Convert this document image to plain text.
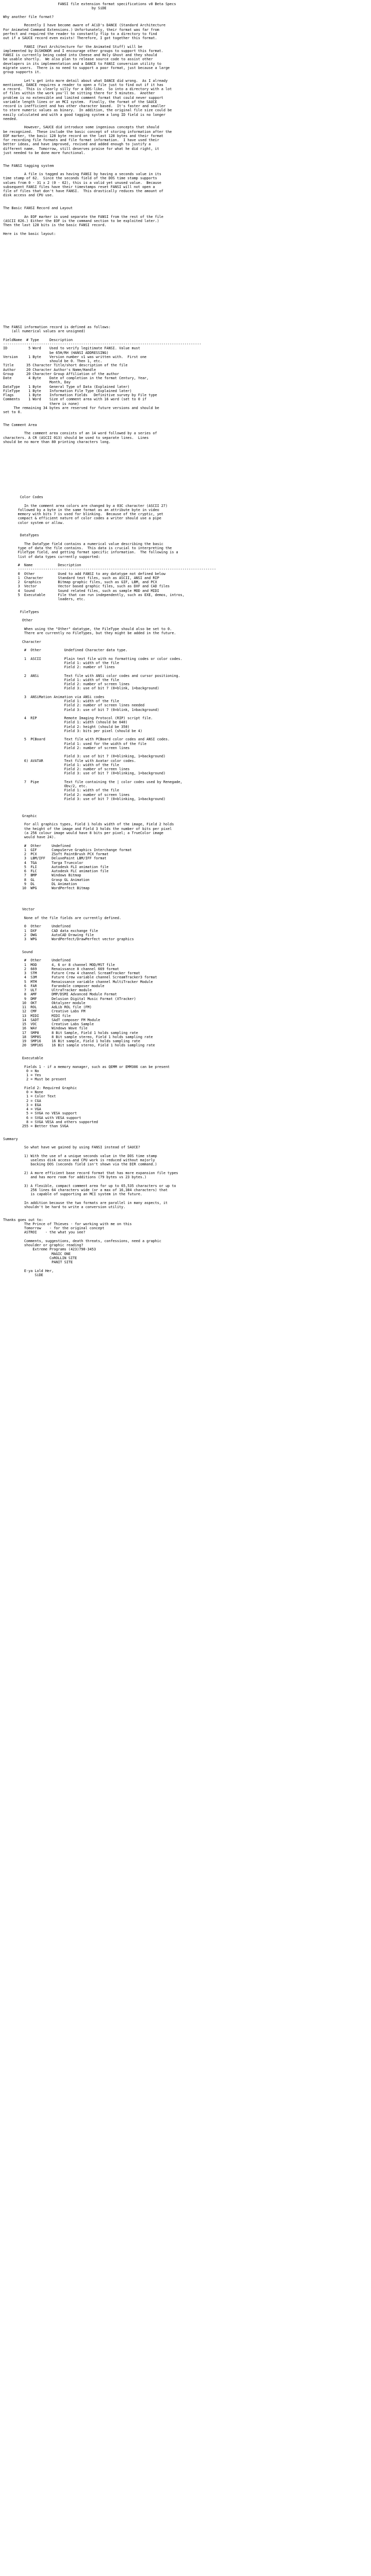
FANSI file extension format specifications v0 Beta Specs
by SiDE

Why another file format?

Recently I have become aware of ACiD's DANCE (Standard Architecture
For Animated Command Extensions.) Unfortunately, their format was far from
perfect and required the reader to constantly flip to a directory to find
out if a SAUCE record even exists! Therefore, I got together this format.

FANSI (Fast Architecture for the Animated Stuff) will be
implemented by DiSHONOR and I encourage other groups to support this format.
FANSI is currently being coded into Cheese and Holy Ghost and they should
be usable shortly.  We also plan to release source code to assist other
developers in its implementation and a DANCE to FANSI conversion utility to
migrate users.  There is no need to support a poor format, just because a large
group supports it.

Let's get into more detail about what DANCE did wrong.  As I already
mentioned, DANCE requires a reader to open a file just to find out if it has
a record.  This is clearly silly for a DOS-like.  So into a directory with a lot
of files within the work you'll be sitting there for 5 minutes.  Another
problem is no extensible and limited comment format that could never support
variable length lines or an MCI system.  Finally, the format of the SAUCE
record is inefficient and has other character based.  It's faster and smaller
to store numeric values as binary.  In addition, the original file size could be
easily calculated and with a good tagging system a long ID field is no longer
needed.

However, SAUCE did introduce some ingenious concepts that should
be recognized.  These include the basic concept of storing information after the
EOF marker, the basic 128 byte record on the last 128 bytes and their format
for recording file formats and file format information.  I have used their
better ideas, and have improved, revised and added enough to justify a
different name.  Tomorrow, still deserves praise for what he did right, it
just needed to be done more functional.

The FANSI tagging system

A file is tagged as having FANSI by having a seconds value in its
time stamp of 62.  Since the seconds field of the DOS time stamp supports
values from 0 - 31 x 2 (0 - 62), this is a valid yet unused value.  Because
subsequent FANSI files have their timestamps reset FANSI will not open a
file of files that don't have FANSI.  This drastically reduces the amount of
disk access and CPU use.

The Basic FANSI Record and Layout

An EOF marker is used separate the FANSI from the rest of the file
(ASCII 026.) Either the EOF is the command section to be exploited later.)
Then the last 128 bits is the basic FANSI record.

Here is the basic layout:

The FANSI information record is defined as follows:
(all numerical values are unsigned)

FieldName  # Type     Description
----------------------------------------------------------------------------------------------
ID          5 Word    Used to verify legitimate FANSI. Value must
be 65H/RH (HANSI ADDRESSING)
Version     1 Byte    Version number v1 was written with.  First one
should be 0. Then 1, etc.
Title      35 Character Title/short description of the file
Author     20 Character Author's Name/Handle
Group      20 Character Group Affiliation of the author
Date        4 Byte    Date of completion in the format Century, Year,
Month, Day
DataType    1 Byte    General Type of Data (Explained later)
FileType    1 Byte    Information File Type (Explained later)
Flags       1 Byte    Information Fields   Definitive survey by File type
Comments    1 Word    Size of comment area with 16 word (set to 0 if
there is none)
The remaining 34 bytes are reserved for future versions and should be
set to 0.

The Comment Area

The comment area consists of an 14 word followed by a series of
characters. A CR (ASCII 013) should be used to separate lines.  Lines
should be no more than 80 printing characters long.

Color Codes

In the comment area colors are changed by a 03C character (ASCII 27)
followed by a byte in the same format as an attribute byte in video
memory with bits 7 is used for blinking.  Because of the cryptic, yet
compact & efficient nature of color codes a writer should use a pipe
color system or allow.

DataTypes

The DataType field contains a numerical value describing the basic
type of data the file contains.  This data is crucial to interpreting the
FileType field, and getting format specific information.  The following is a
list of data types currently supported:

#  Name            Description
----------------------------------------------------------------------------------------------
0  Other           Used to add FANSI to any datatype not defined below
1  Character       Standard text files, such as ASCII, ANSI and RIP
2  Graphics        Bitmap graphic files, such as GIF, LBM, and PCX
3  Vector          Vector based graphic files, such as DXF and CAD files
4  Sound           Sound related files, such as sample MOD and MIDI
5  Executable      File that can run independently, such as EXE, demos, intros,
loaders, etc.

FileTypes

Other

When using the "Other" datatype, the FileType should also be set to 0.
There are currently no FileTypes, but they might be added in the future.

Character

#  Other           Undefined Character data type.

1  ASCII           Plain text file with no formatting codes or color codes.
Field 1: width of the file
Field 2: number of lines

2  ANSi            Text file with ANSi color codes and cursor positioning.
Field 1: width of the file
Field 2: number of screen lines
Field 3: use of bit 7 (0=blink, 1=background)

3  ANSiMation Animation via ANSi codes
Field 1: width of the file
Field 2: number of screen lines needed
Field 3: use of bit 7 (0=blink, 1=background)

4  RIP             Remote Imaging Protocol (RIP) script file.
Field 1: width (should be 640)
Field 2: height (should be 350)
Field 3: bits per pixel (should be 4)

5  PCBoard         Text file with PCBoard color codes and ANSI codes.
Field 1: used for the width of the file
Field 2: number of screen lines

Field 3: use of bit 7 (0=blinking, 1=background)
6) AVATAR          Text file with Avatar color codes.
Field 1: width of the file
Field 2: number of screen lines
Field 3: use of bit 7 (0=blinking, 1=background)

7  Pipe            Text file containing the | color codes used by Renegade,
Obv/2, etc.
Field 1: width of the file
Field 2: number of screen lines
Field 3: use of bit 7 (0=blinking, 1=background)

Graphic

For all graphics types, Field 1 holds width of the image, Field 2 holds
the height of the image and Field 3 holds the number of bits per pixel
(a 256 colour image would have 8 bits per pixel; a TrueColor image
would have 24).

#  Other     Undefined
1  GIF       CompuServe Graphics Interchange format
2  PCX       ZSoft PaintBrush PCX format
3  LBM/IFF   DeluxePaint LBM/IFF format
4  TGA       Targa Truecolor
5  FLI       Autodesk FLI animation file
6  FLC       Autodesk FLC animation file
7  BMP       Windows Bitmap
8  GL        Grasp GL Animation
9  DL        DL Animation
10  WPG       WordPerfect Bitmap

Vector

None of the file fields are currently defined.

0  Other     Undefined
1  DXF       CAD data exchange file
2  DWG       AutoCAD Drawing file
3  WPG       WordPerfect/DrawPerfect vector graphics

Sound

#  Other     Undefined
1  MOD       4, 6 or 8 channel MOD/MST file
2  669       Renaissance 8 channel 669 format
3  STM       Future Crew 4 channel ScreamTracker format
4  S3M       Future Crew variable channel ScreamTracker3 format
5  MTM       Renaissance variable channel MultiTracker Module
6  FAR       Farandole composer module
7  ULT       UltraTracker module
8  AMF       DMP/DSMI Advanced Module Format
9  DMF       Delusion Digital Music Format (XTracker)
10  OKT       Oktalyzer module
11  ROL       AdLib ROL file (FM)
12  CMF       Creative Labs FM
13  MIDI      MIDI file
14  SADT      SAdT composer FM Module
15  VOC       Creative Labs Sample
16  WAV       Windows Wave file
17  SMP8      8 Bit Sample, Field 1 holds sampling rate
18  SMP8S     8 Bit sample stereo, Field 1 holds sampling rate
19  SMP16     16 Bit sample, Field 1 holds sampling rate
20  SMP16S    16 Bit sample stereo, Field 1 holds sampling rate

Executable

Fields 1 - if a memory manager, such as QEMM or EMM386 can be present
0 = No
1 = Yes
2 = Must be present

Field 2: Required Graphic
0 = None
1 = Color Text
2 = CGA
3 = EGA
4 = VGA
5 = SVGA no VESA support
6 = SVGA with VESA support
8 = SVGA VESA and others supported
255 = Better than SVGA

Summary

So what have we gained by using FANSI instead of SAUCE?

1) With the use of a unique seconds value in the DOS time stamp
useless disk access and CPU work is reduced without majorly
backing DOS (seconds field isn't shown via the DIR command.)

2) A more efficient base record format that has more expansion file types
and has more room for additions (79 bytes vs 23 bytes.)

3) A flexible, compact comment area for up to 65,535 characters or up to
256 lines 64 characters wide (or a max of 16,384 characters) that
is capable of supporting an MCI system in the future.

In addition because the two formats are parallel in many aspects, it
shouldn't be hard to write a conversion utility.

Thanks goes out to:
The Prince of Thieves - for working with me on this
Tomorrow    - for the original concept
ASTROI    - the what you see?

Comments, suggestions, death threats, confessions, need a graphic
shoulder or graphic reading?
Extreme Programs (423)790-3453
MAGIC ONE
CoROLLIN SITE
PANIT SITE

E-ya Lold Her,
SiDE
